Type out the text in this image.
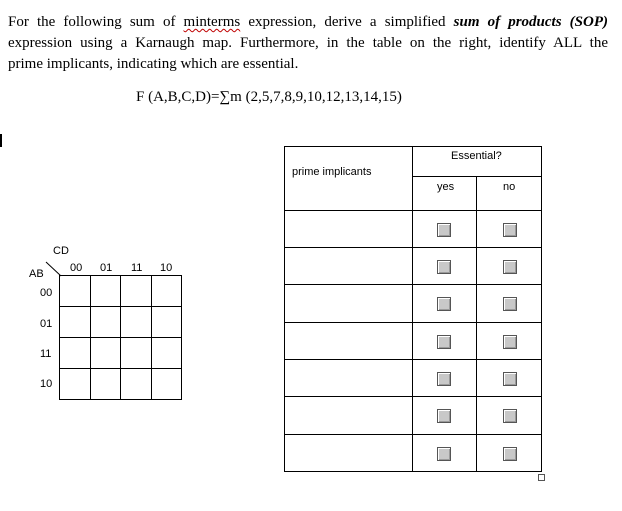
For the following sum of minterms expression, derive a simplified sum of products (SOP)
expression using a Karnaugh map. Furthermore, in the table on the right, identify ALL the
prime implicants, indicating which are essential.
F (A,B,C,D)=∑m (2,5,7,8,9,10,12,13,14,15)
CD
AB 00 01 11 10
00
01
11
10

prime implicants	Essential?	

	yes	no
